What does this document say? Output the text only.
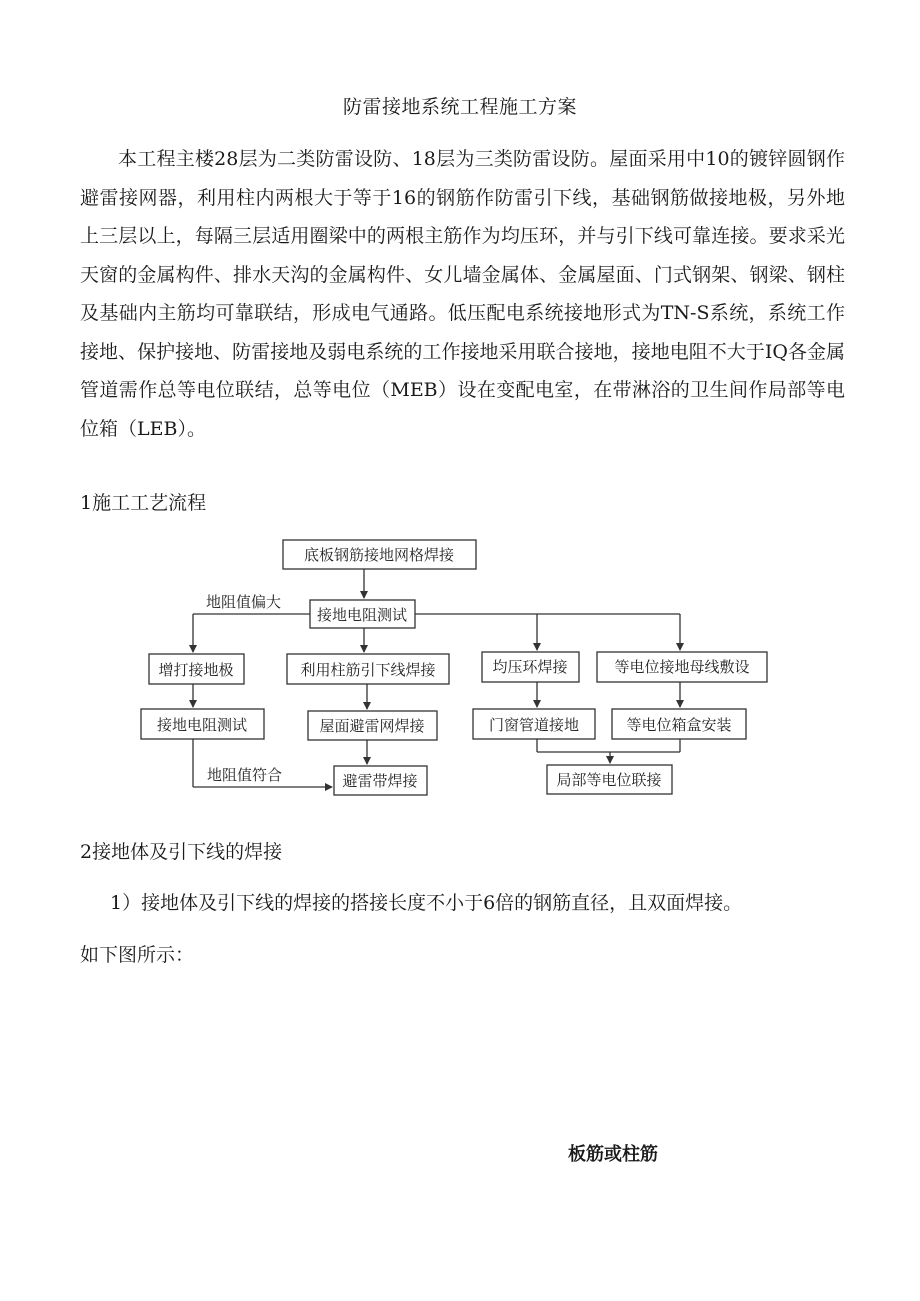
防雷接地系统工程施工方案

本工程主楼28层为二类防雷设防、18层为三类防雷设防。屋面采用中10的镀锌圆钢作避雷接网器，利用柱内两根大于等于16的钢筋作防雷引下线，基础钢筋做接地极，另外地上三层以上，每隔三层适用圈梁中的两根主筋作为均压环，并与引下线可靠连接。要求采光天窗的金属构件、排水天沟的金属构件、女儿墙金属体、金属屋面、门式钢架、钢梁、钢柱及基础内主筋均可靠联结，形成电气通路。低压配电系统接地形式为TN-S系统，系统工作接地、保护接地、防雷接地及弱电系统的工作接地采用联合接地，接地电阻不大于IQ各金属管道需作总等电位联结，总等电位（MEB）设在变配电室，在带淋浴的卫生间作局部等电位箱（LEB）。

1施工工艺流程
底板钢筋接地网格焊接
接地电阻测试
增打接地极	利用柱筋引下线焊接	均压环焊接	等电位接地母线敷设
接地电阻测试	屋面避雷网焊接	门窗管道接地	等电位箱盒安装
避雷带焊接	局部等电位联接
地阻值偏大
地阻值符合
2接地体及引下线的焊接
1）接地体及引下线的焊接的搭接长度不小于6倍的钢筋直径，且双面焊接。
如下图所示：
板筋或柱筋
